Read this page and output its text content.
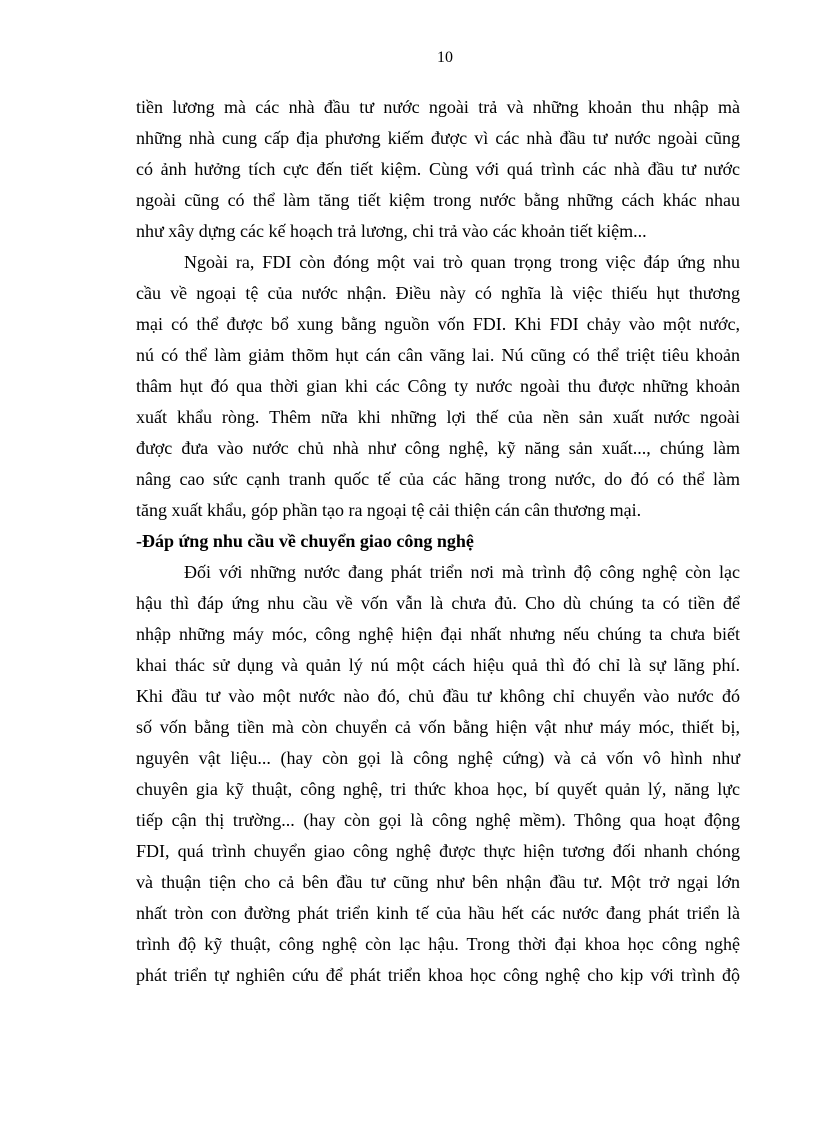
10
tiền lương mà các nhà đầu tư nước ngoài trả và những khoản thu nhập mà
những nhà cung cấp địa phương kiếm được vì các nhà đầu tư nước ngoài cũng
có ảnh hưởng tích cực đến tiết kiệm. Cùng với quá trình các nhà đầu tư nước
ngoài cũng có thể làm tăng tiết kiệm trong nước bằng những cách khác nhau
như xây dựng các kế hoạch trả lương, chi trả vào các khoản tiết kiệm...
Ngoài ra, FDI còn đóng một vai trò quan trọng trong việc đáp ứng nhu
cầu về ngoại tệ của nước nhận. Điều này có nghĩa là việc thiếu hụt thương
mại có thể được bổ xung bằng nguồn vốn FDI. Khi FDI chảy vào một nước,
nú có thể làm giảm thõm hụt cán cân vãng lai. Nú cũng có thể triệt tiêu khoản
thâm hụt đó qua thời gian khi các Công ty nước ngoài thu được những khoản
xuất khẩu ròng. Thêm nữa khi những lợi thế của nền sản xuất nước ngoài
được đưa vào nước chủ nhà như công nghệ, kỹ năng sản xuất..., chúng làm
nâng cao sức cạnh tranh quốc tế của các hãng trong nước, do đó có thể làm
tăng xuất khẩu, góp phần tạo ra ngoại tệ cải thiện cán cân thương mại.
-Đáp ứng nhu cầu về chuyển giao công nghệ
Đối với những nước đang phát triển nơi mà trình độ công nghệ còn lạc
hậu thì đáp ứng nhu cầu về vốn vẫn là chưa đủ. Cho dù chúng ta có tiền để
nhập những máy móc, công nghệ hiện đại nhất nhưng nếu chúng ta chưa biết
khai thác sử dụng và quản lý nú một cách hiệu quả thì đó chỉ là sự lãng phí.
Khi đầu tư vào một nước nào đó, chủ đầu tư không chỉ chuyển vào nước đó
số vốn bằng tiền mà còn chuyển cả vốn bằng hiện vật như máy móc, thiết bị,
nguyên vật liệu... (hay còn gọi là công nghệ cứng) và cả vốn vô hình như
chuyên gia kỹ thuật, công nghệ, tri thức khoa học, bí quyết quản lý, năng lực
tiếp cận thị trường... (hay còn gọi là công nghệ mềm). Thông qua hoạt động
FDI, quá trình chuyển giao công nghệ được thực hiện tương đối nhanh chóng
và thuận tiện cho cả bên đầu tư cũng như bên nhận đầu tư. Một trở ngại lớn
nhất tròn con đường phát triển kinh tế của hầu hết các nước đang phát triển là
trình độ kỹ thuật, công nghệ còn lạc hậu. Trong thời đại khoa học công nghệ
phát triển tự nghiên cứu để phát triển khoa học công nghệ cho kịp với trình độ
